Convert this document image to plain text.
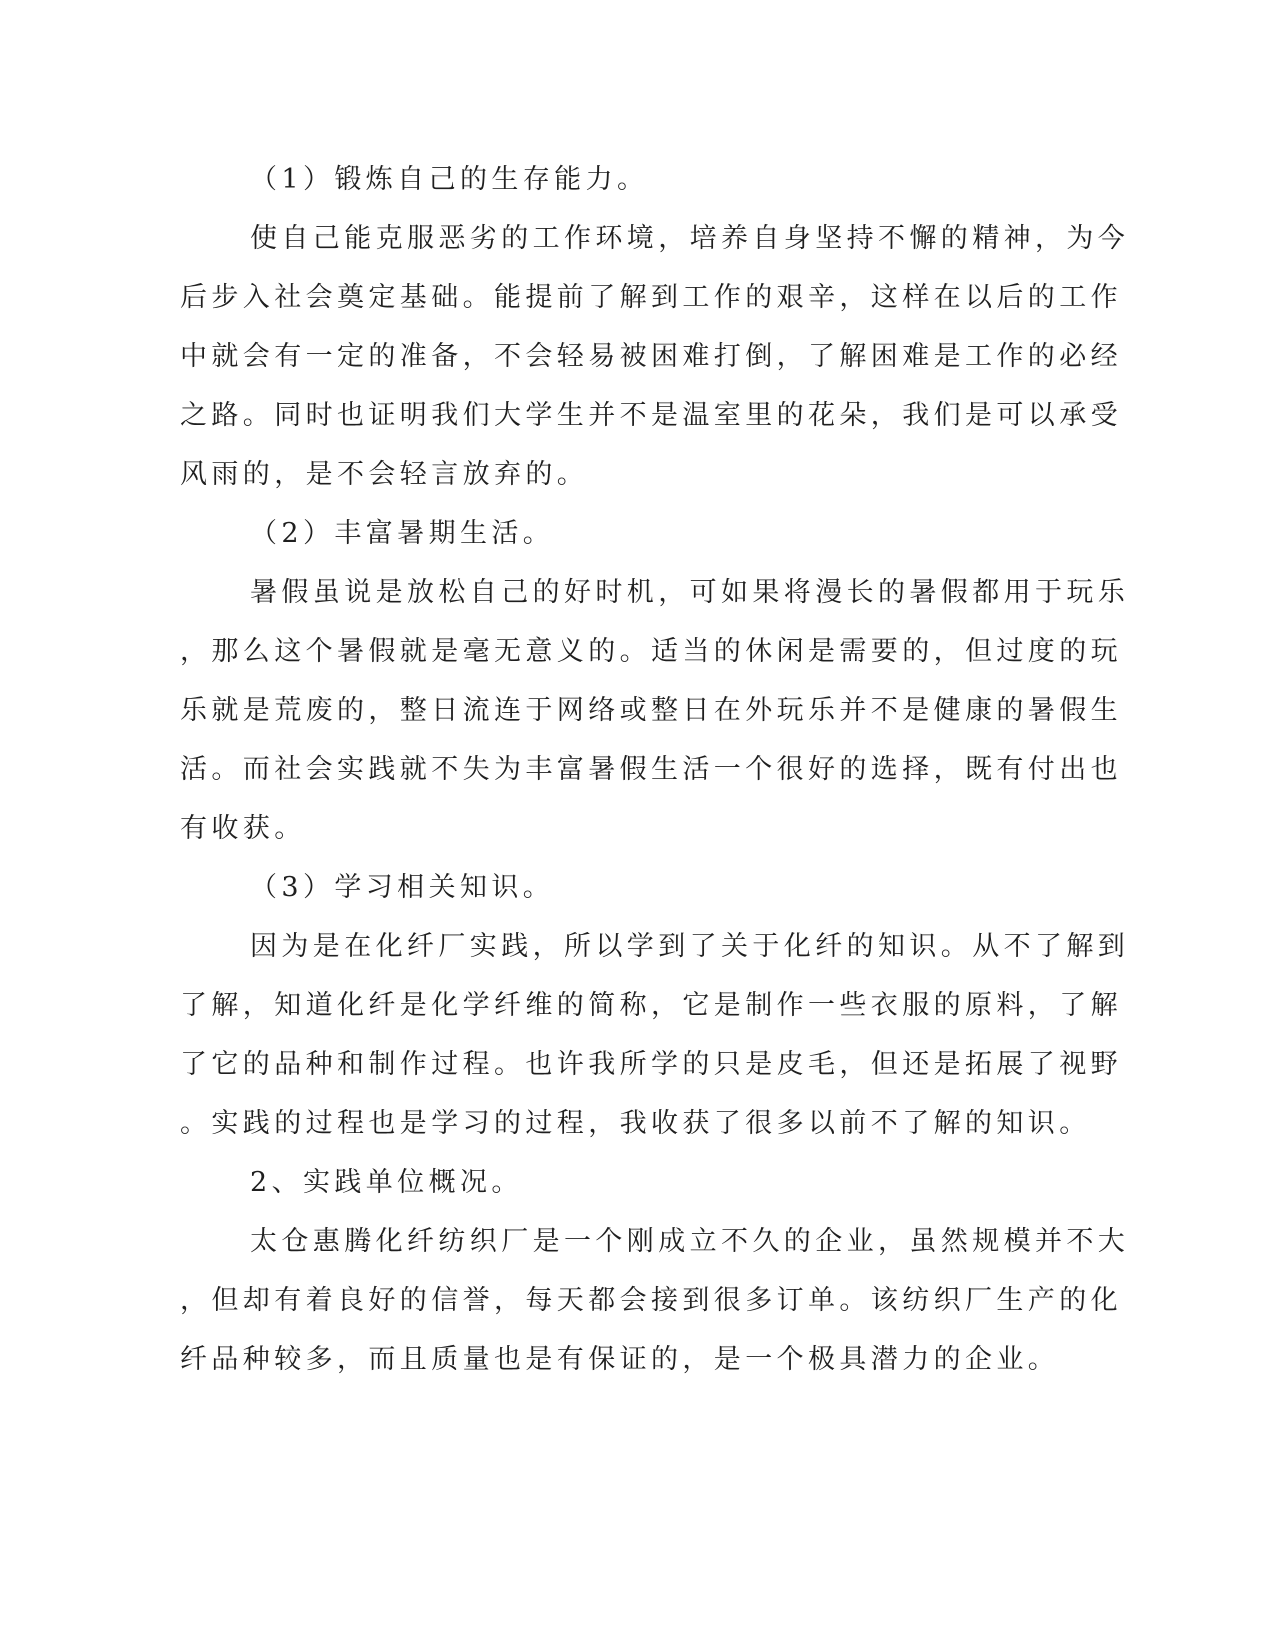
（1）锻炼自己的生存能力。

使自己能克服恶劣的工作环境，培养自身坚持不懈的精神，为今

后步入社会奠定基础。能提前了解到工作的艰辛，这样在以后的工作

中就会有一定的准备，不会轻易被困难打倒，了解困难是工作的必经

之路。同时也证明我们大学生并不是温室里的花朵，我们是可以承受

风雨的，是不会轻言放弃的。

（2）丰富暑期生活。

暑假虽说是放松自己的好时机，可如果将漫长的暑假都用于玩乐

，那么这个暑假就是毫无意义的。适当的休闲是需要的，但过度的玩

乐就是荒废的，整日流连于网络或整日在外玩乐并不是健康的暑假生

活。而社会实践就不失为丰富暑假生活一个很好的选择，既有付出也

有收获。

（3）学习相关知识。

因为是在化纤厂实践，所以学到了关于化纤的知识。从不了解到

了解，知道化纤是化学纤维的简称，它是制作一些衣服的原料，了解

了它的品种和制作过程。也许我所学的只是皮毛，但还是拓展了视野

。实践的过程也是学习的过程，我收获了很多以前不了解的知识。

2、实践单位概况。

太仓惠腾化纤纺织厂是一个刚成立不久的企业，虽然规模并不大

，但却有着良好的信誉，每天都会接到很多订单。该纺织厂生产的化

纤品种较多，而且质量也是有保证的，是一个极具潜力的企业。
